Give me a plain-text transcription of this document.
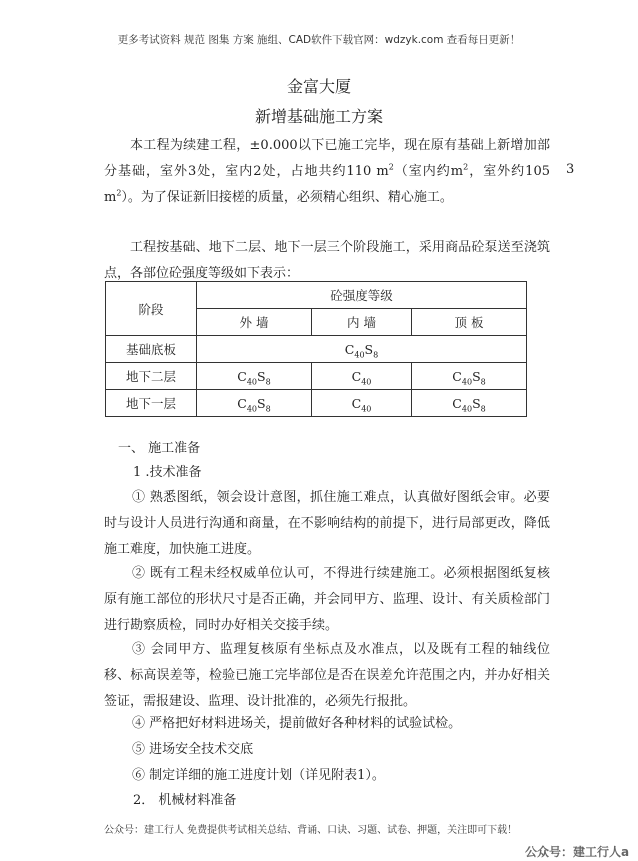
更多考试资料 规范 图集 方案 施组、CAD软件下载官网：wdzyk.com 查看每日更新！
金富大厦
新增基础施工方案
本工程为续建工程，±0.000以下已施工完毕，现在原有基础上新增加部分基础，室外3处，室内2处，占地共约110 $m^2$（室内约$m^2$，室外约105 $m^2$）。为了保证新旧接槎的质量，必须精心组织、精心施工。
3
工程按基础、地下二层、地下一层三个阶段施工，采用商品砼泵送至浇筑点，各部位砼强度等级如下表示：
阶段	砼强度等级		
	外 墙	内 墙	顶 板
基础底板	$C_{40}S_8$
地下二层	$C_{40}S_8$	$C_{40}$	$C_{40}S_8$
地下一层	$C_{40}S_8$	$C_{40}$	$C_{40}S_8$
一、 施工准备
1 .技术准备
① 熟悉图纸，领会设计意图，抓住施工难点，认真做好图纸会审。必要时与设计人员进行沟通和商量，在不影响结构的前提下，进行局部更改，降低施工难度，加快施工进度。
② 既有工程未经权威单位认可，不得进行续建施工。必须根据图纸复核原有施工部位的形状尺寸是否正确，并会同甲方、监理、设计、有关质检部门进行勘察质检，同时办好相关交接手续。
③ 会同甲方、监理复核原有坐标点及水准点，以及既有工程的轴线位移、标高误差等，检验已施工完毕部位是否在误差允许范围之内，并办好相关签证，需报建设、监理、设计批准的，必须先行报批。
④ 严格把好材料进场关，提前做好各种材料的试验试检。
⑤ 进场安全技术交底
⑥ 制定详细的施工进度计划（详见附表1）。
2． 机械材料准备
公众号：建工行人 免费提供考试相关总结、背诵、口诀、习题、试卷、押题，关注即可下载！
公众号：建工行人a
